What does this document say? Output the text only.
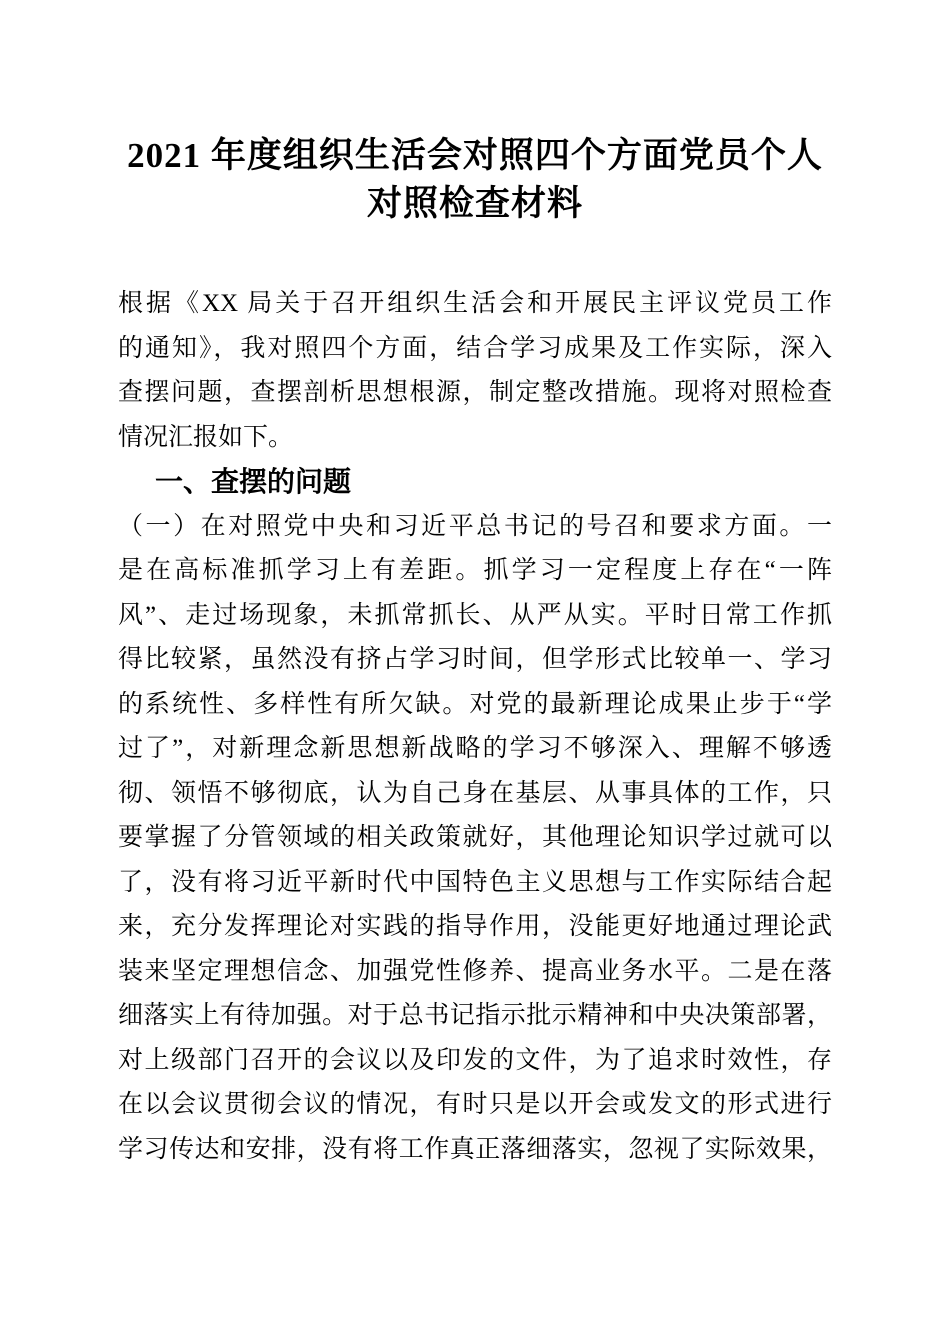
2021 年度组织生活会对照四个方面党员个人
对照检查材料
根据《XX 局关于召开组织生活会和开展民主评议党员工作
的通知》，我对照四个方面，结合学习成果及工作实际，深入
查摆问题，查摆剖析思想根源，制定整改措施。现将对照检查
情况汇报如下。
一、查摆的问题
（一）在对照党中央和习近平总书记的号召和要求方面。一
是在高标准抓学习上有差距。抓学习一定程度上存在“一阵
风”、走过场现象，未抓常抓长、从严从实。平时日常工作抓
得比较紧，虽然没有挤占学习时间，但学形式比较单一、学习
的系统性、多样性有所欠缺。对党的最新理论成果止步于“学
过了”，对新理念新思想新战略的学习不够深入、理解不够透
彻、领悟不够彻底，认为自己身在基层、从事具体的工作，只
要掌握了分管领域的相关政策就好，其他理论知识学过就可以
了，没有将习近平新时代中国特色主义思想与工作实际结合起
来，充分发挥理论对实践的指导作用，没能更好地通过理论武
装来坚定理想信念、加强党性修养、提高业务水平。二是在落
细落实上有待加强。对于总书记指示批示精神和中央决策部署，
对上级部门召开的会议以及印发的文件，为了追求时效性，存
在以会议贯彻会议的情况，有时只是以开会或发文的形式进行
学习传达和安排，没有将工作真正落细落实，忽视了实际效果，
